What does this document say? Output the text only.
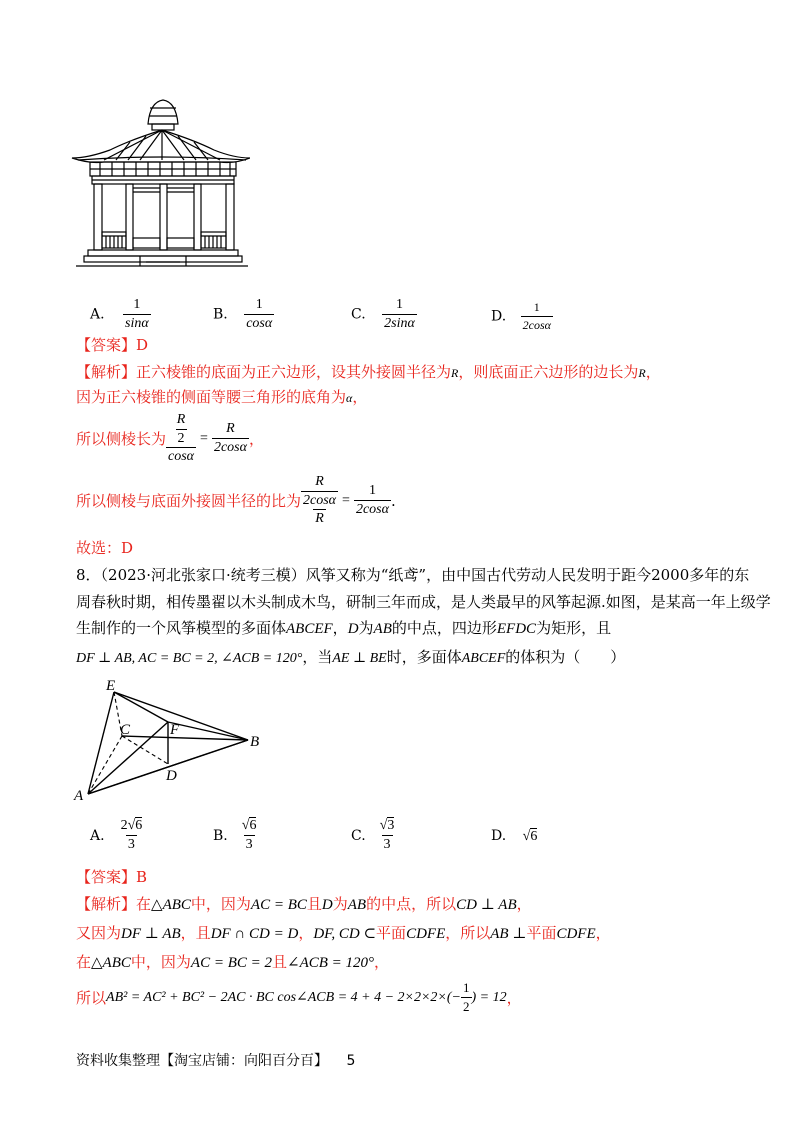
A. $\frac{1}{\sin\alpha}$	B. $\frac{1}{\cos\alpha}$	C. $\frac{1}{2\sin\alpha}$	D. $\frac{1}{2\cos\alpha}$
【答案】D
【解析】正六棱锥的底面为正六边形，设其外接圆半径为R，则底面正六边形的边长为R，
因为正六棱锥的侧面等腰三角形的底角为α，
所以侧棱长为 $\frac{\frac{R}{2}}{\cos\alpha} = \frac{R}{2\cos\alpha}$ ，
所以侧棱与底面外接圆半径的比为 $\frac{\frac{R}{2\cos\alpha}}{R} = \frac{1}{2\cos\alpha}$ .
故选：D
8．（2023·河北张家口·统考三模）风筝又称为“纸鸢”，由中国古代劳动人民发明于距今2000多年的东
周春秋时期，相传墨翟以木头制成木鸟，研制三年而成，是人类最早的风筝起源.如图，是某高一年上级学
生制作的一个风筝模型的多面体ABCEF，D为AB的中点，四边形EFDC为矩形，且
DF ⊥ AB, AC = BC = 2, ∠ACB = 120°，当AE ⊥ BE时，多面体ABCEF的体积为（　　）
E
C	F
B
D
A
A. $\frac{2√6}{3}$	B. $\frac{√6}{3}$	C. $\frac{√3}{3}$	D. √6
【答案】B
【解析】在△ABC中，因为AC = BC且D为AB的中点，所以CD ⊥ AB，
又因为DF ⊥ AB，且DF ∩ CD = D，DF, CD ⊂平面CDFE，所以AB ⊥平面CDFE，
在△ABC中，因为AC = BC = 2且∠ACB = 120°，
所以 AB² = AC² + BC² − 2AC · BC cos∠ACB = $4 + 4 - 2\times 2\times 2\times(- \frac{1}{2}$ ) = 12 ，
资料收集整理【淘宝店铺：向阳百分百】 5
